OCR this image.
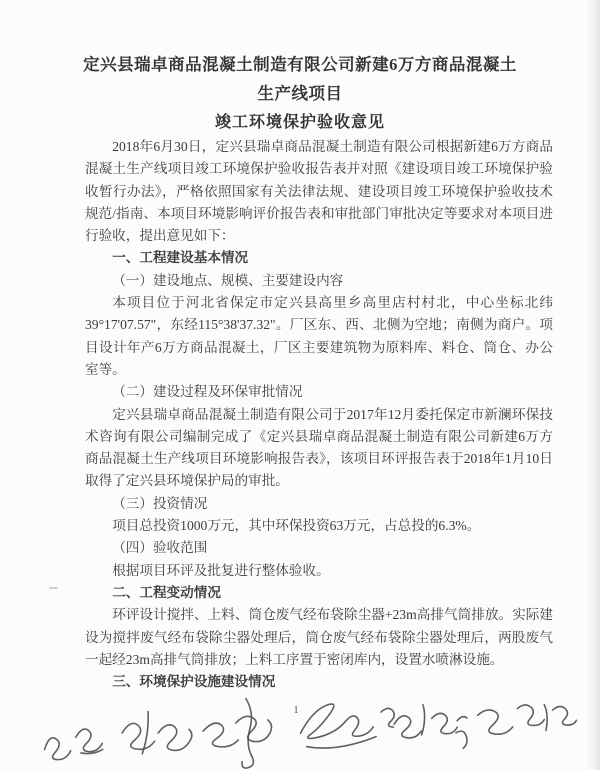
定兴县瑞卓商品混凝土制造有限公司新建6万方商品混凝土
生产线项目
竣工环境保护验收意见

2018年6月30日，定兴县瑞卓商品混凝土制造有限公司根据新建6万方商品混凝土生产线项目竣工环境保护验收报告表并对照《建设项目竣工环境保护验收暂行办法》，严格依照国家有关法律法规、建设项目竣工环境保护验收技术规范/指南、本项目环境影响评价报告表和审批部门审批决定等要求对本项目进行验收，提出意见如下：

一、工程建设基本情况

（一）建设地点、规模、主要建设内容

本项目位于河北省保定市定兴县高里乡高里店村村北，中心坐标北纬39°17'07.57"，东经115°38'37.32"。厂区东、西、北侧为空地；南侧为商户。项目设计年产6万方商品混凝土，厂区主要建筑物为原料库、料仓、筒仓、办公室等。

（二）建设过程及环保审批情况

定兴县瑞卓商品混凝土制造有限公司于2017年12月委托保定市新澜环保技术咨询有限公司编制完成了《定兴县瑞卓商品混凝土制造有限公司新建6万方商品混凝土生产线项目环境影响报告表》，该项目环评报告表于2018年1月10日取得了定兴县环境保护局的审批。

（三）投资情况

项目总投资1000万元，其中环保投资63万元，占总投的6.3%。

（四）验收范围

根据项目环评及批复进行整体验收。

二、工程变动情况

环评设计搅拌、上料、筒仓废气经布袋除尘器+23m高排气筒排放。实际建设为搅拌废气经布袋除尘器处理后，筒仓废气经布袋除尘器处理后，两股废气一起经23m高排气筒排放；上料工序置于密闭库内，设置水喷淋设施。

三、环境保护设施建设情况

1
